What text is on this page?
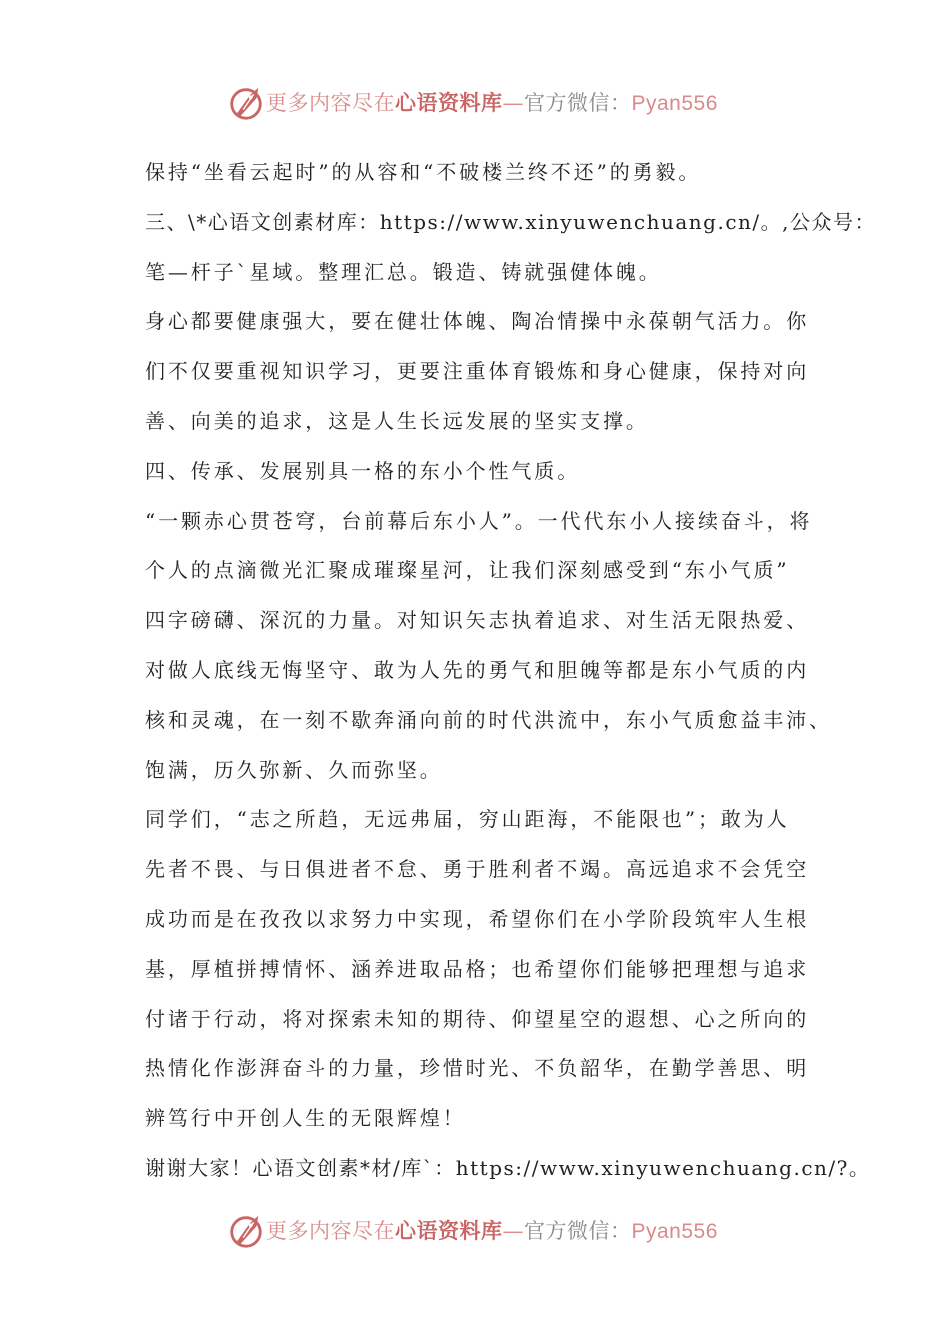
更多内容尽在心语资料库—官方微信：Pyan556
保持“坐看云起时”的从容和“不破楼兰终不还”的勇毅。
三、\*心语文创素材库：https://www.xinyuwenchuang.cn/。,公众号：
笔—杆子`星域。整理汇总。锻造、铸就强健体魄。
身心都要健康强大，要在健壮体魄、陶冶情操中永葆朝气活力。你
们不仅要重视知识学习，更要注重体育锻炼和身心健康，保持对向
善、向美的追求，这是人生长远发展的坚实支撑。
四、传承、发展别具一格的东小个性气质。
“一颗赤心贯苍穹，台前幕后东小人”。一代代东小人接续奋斗，将
个人的点滴微光汇聚成璀璨星河，让我们深刻感受到“东小气质”
四字磅礴、深沉的力量。对知识矢志执着追求、对生活无限热爱、
对做人底线无悔坚守、敢为人先的勇气和胆魄等都是东小气质的内
核和灵魂，在一刻不歇奔涌向前的时代洪流中，东小气质愈益丰沛、
饱满，历久弥新、久而弥坚。
同学们，“志之所趋，无远弗届，穷山距海，不能限也”；敢为人
先者不畏、与日俱进者不怠、勇于胜利者不竭。高远追求不会凭空
成功而是在孜孜以求努力中实现，希望你们在小学阶段筑牢人生根
基，厚植拼搏情怀、涵养进取品格；也希望你们能够把理想与追求
付诸于行动，将对探索未知的期待、仰望星空的遐想、心之所向的
热情化作澎湃奋斗的力量，珍惜时光、不负韶华，在勤学善思、明
辨笃行中开创人生的无限辉煌！
谢谢大家！心语文创素*材/库`：https://www.xinyuwenchuang.cn/?。
更多内容尽在心语资料库—官方微信：Pyan556
